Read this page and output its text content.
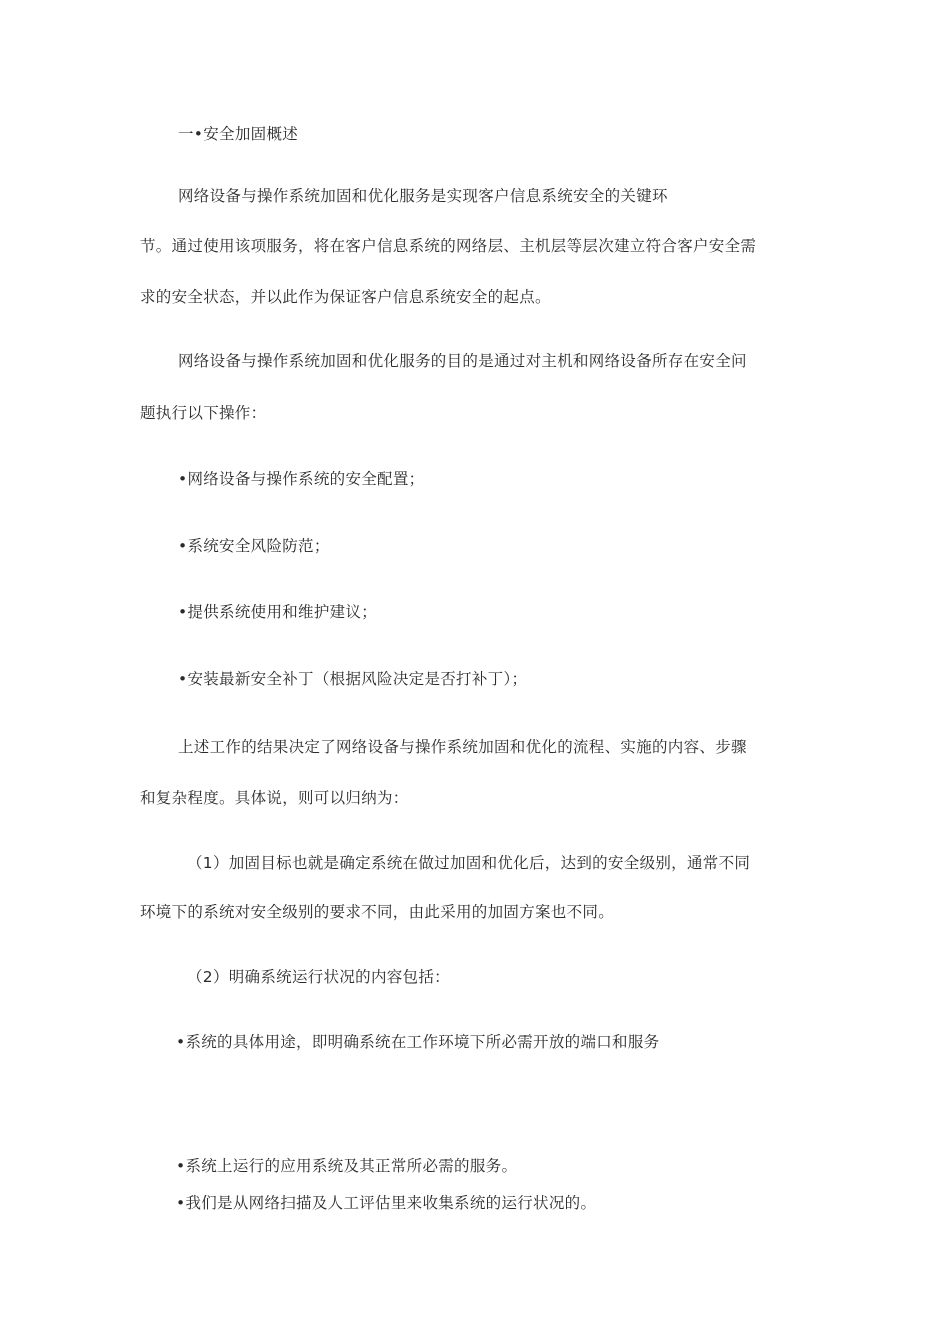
一•安全加固概述
网络设备与操作系统加固和优化服务是实现客户信息系统安全的关键环
节。通过使用该项服务，将在客户信息系统的网络层、主机层等层次建立符合客户安全需
求的安全状态，并以此作为保证客户信息系统安全的起点。
网络设备与操作系统加固和优化服务的目的是通过对主机和网络设备所存在安全问
题执行以下操作：
•网络设备与操作系统的安全配置；
•系统安全风险防范；
•提供系统使用和维护建议；
•安装最新安全补丁（根据风险决定是否打补丁）；
上述工作的结果决定了网络设备与操作系统加固和优化的流程、实施的内容、步骤
和复杂程度。具体说，则可以归纳为：
（1）加固目标也就是确定系统在做过加固和优化后，达到的安全级别，通常不同
环境下的系统对安全级别的要求不同，由此采用的加固方案也不同。
（2）明确系统运行状况的内容包括：
•系统的具体用途，即明确系统在工作环境下所必需开放的端口和服务
•系统上运行的应用系统及其正常所必需的服务。
•我们是从网络扫描及人工评估里来收集系统的运行状况的。
